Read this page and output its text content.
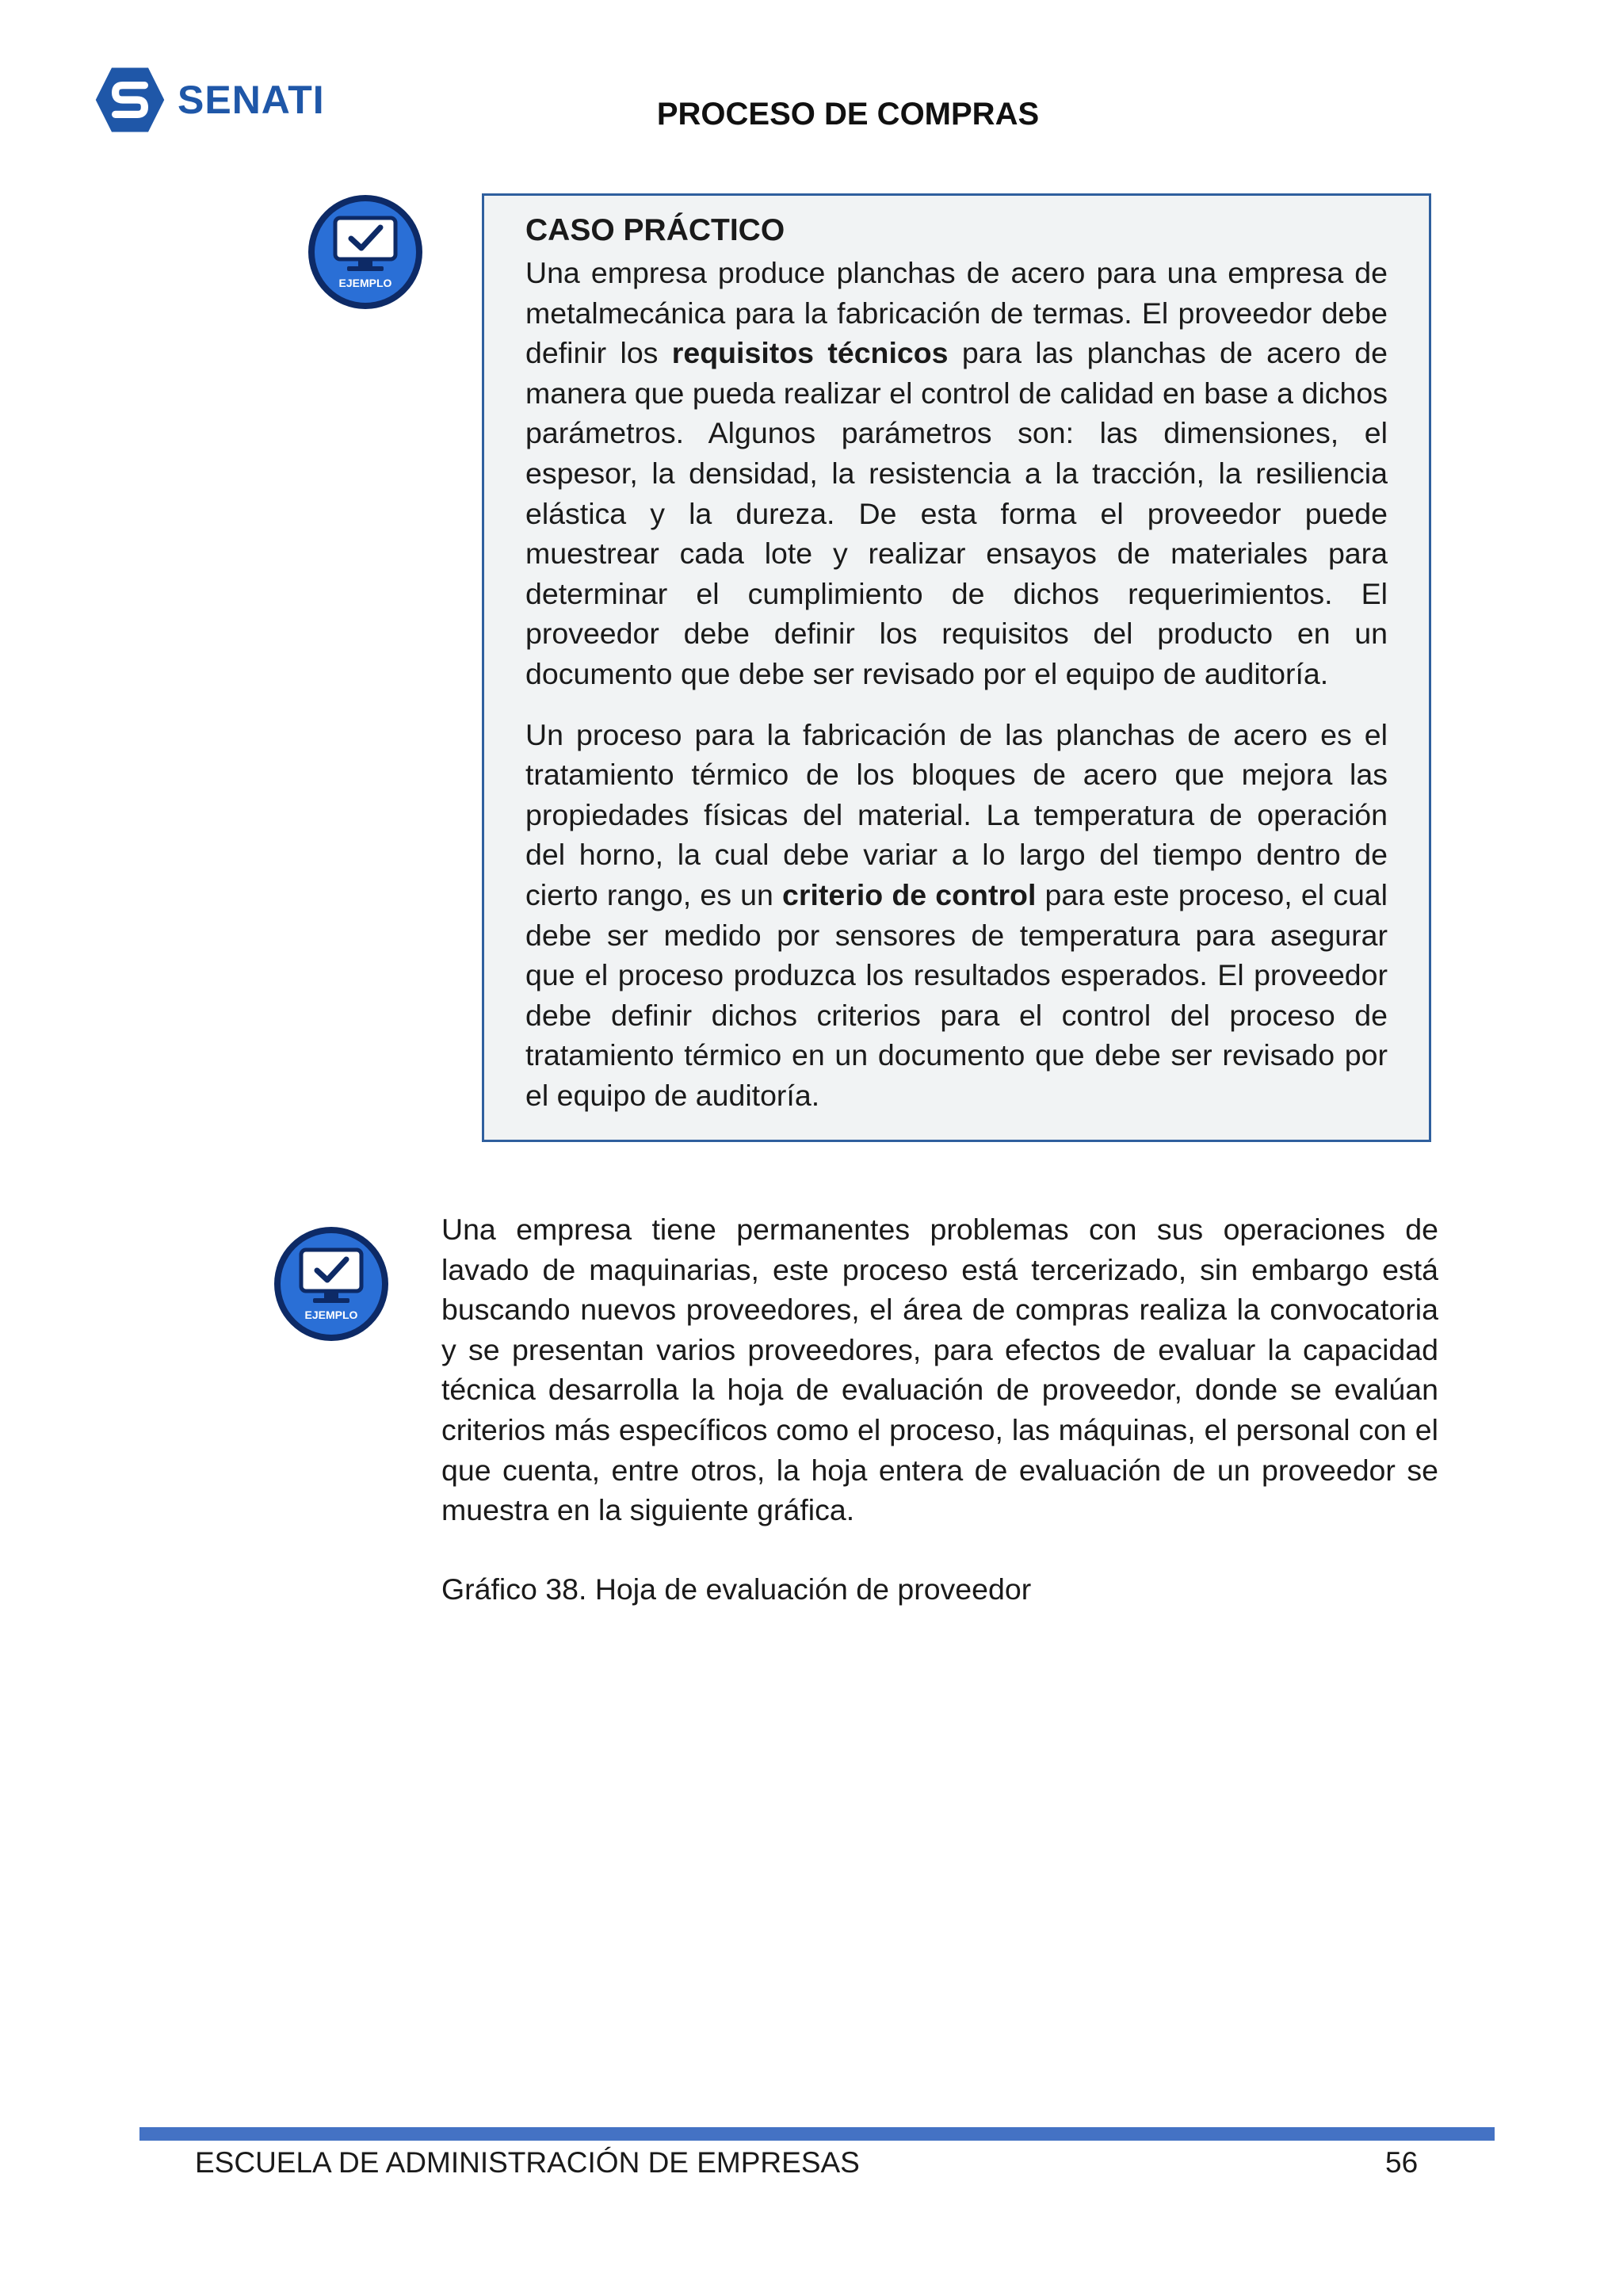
SENATI	PROCESO DE COMPRAS
EJEMPLO
CASO PRÁCTICO

Una empresa produce planchas de acero para una empresa de metalmecánica para la fabricación de termas. El proveedor debe definir los requisitos técnicos para las planchas de acero de manera que pueda realizar el control de calidad en base a dichos parámetros. Algunos parámetros son: las dimensiones, el espesor, la densidad, la resistencia a la tracción, la resiliencia elástica y la dureza. De esta forma el proveedor puede muestrear cada lote y realizar ensayos de materiales para determinar el cumplimiento de dichos requerimientos. El proveedor debe definir los requisitos del producto en un documento que debe ser revisado por el equipo de auditoría.

Un proceso para la fabricación de las planchas de acero es el tratamiento térmico de los bloques de acero que mejora las propiedades físicas del material. La temperatura de operación del horno, la cual debe variar a lo largo del tiempo dentro de cierto rango, es un criterio de control para este proceso, el cual debe ser medido por sensores de temperatura para asegurar que el proceso produzca los resultados esperados. El proveedor debe definir dichos criterios para el control del proceso de tratamiento térmico en un documento que debe ser revisado por el equipo de auditoría.

EJEMPLO

Una empresa tiene permanentes problemas con sus operaciones de lavado de maquinarias, este proceso está tercerizado, sin embargo está buscando nuevos proveedores, el área de compras realiza la convocatoria y se presentan varios proveedores, para efectos de evaluar la capacidad técnica desarrolla la hoja de evaluación de proveedor, donde se evalúan criterios más específicos como el proceso, las máquinas, el personal con el que cuenta, entre otros, la hoja entera de evaluación de un proveedor se muestra en la siguiente gráfica.

Gráfico 38. Hoja de evaluación de proveedor
ESCUELA DE ADMINISTRACIÓN DE EMPRESAS	56
